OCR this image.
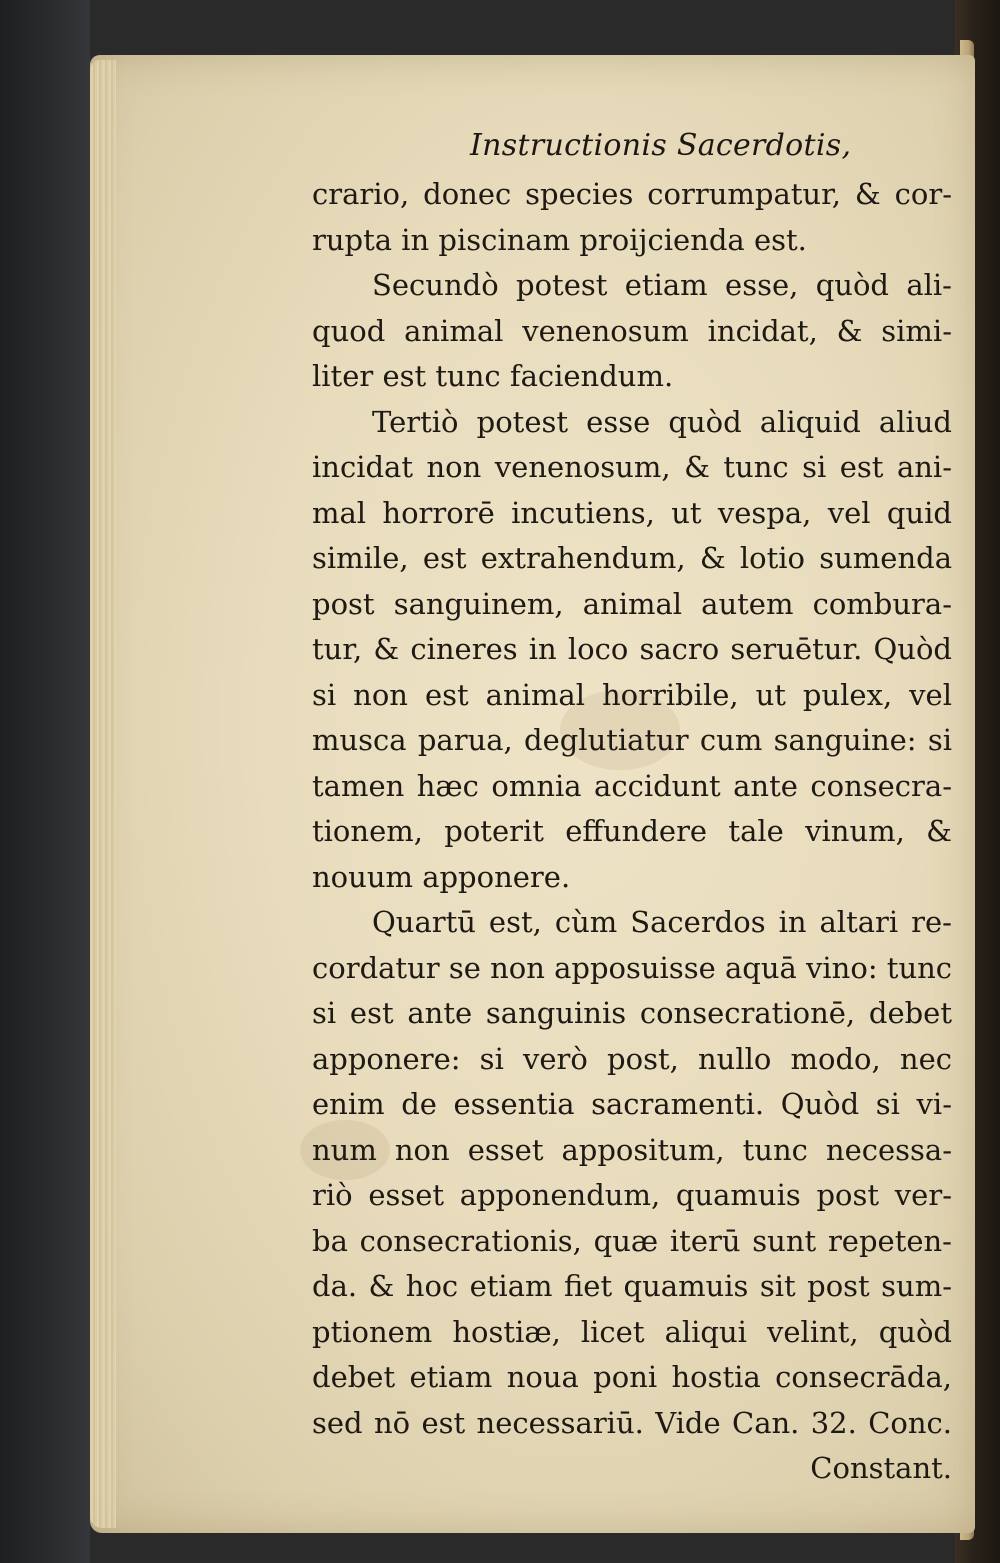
Instructionis Sacerdotis,
crario, donec species corrumpatur, & cor-
rupta in piscinam proijcienda est.
Secundò potest etiam esse, quòd ali-
quod animal venenosum incidat, & simi-
liter est tunc faciendum.
Tertiò potest esse quòd aliquid aliud
incidat non venenosum, & tunc si est ani-
mal horrorē incutiens, ut vespa, vel quid
simile, est extrahendum, & lotio sumenda
post sanguinem, animal autem combura-
tur, & cineres in loco sacro seruētur. Quòd
si non est animal horribile, ut pulex, vel
musca parua, deglutiatur cum sanguine: si
tamen hæc omnia accidunt ante consecra-
tionem, poterit effundere tale vinum, &
nouum apponere.
Quartū est, cùm Sacerdos in altari re-
cordatur se non apposuisse aquā vino: tunc
si est ante sanguinis consecrationē, debet
apponere: si verò post, nullo modo, nec
enim de essentia sacramenti. Quòd si vi-
num non esset appositum, tunc necessa-
riò esset apponendum, quamuis post ver-
ba consecrationis, quæ iterū sunt repeten-
da. & hoc etiam fiet quamuis sit post sum-
ptionem hostiæ, licet aliqui velint, quòd
debet etiam noua poni hostia consecrāda,
sed nō est necessariū. Vide Can. 32. Conc.
Constant.
